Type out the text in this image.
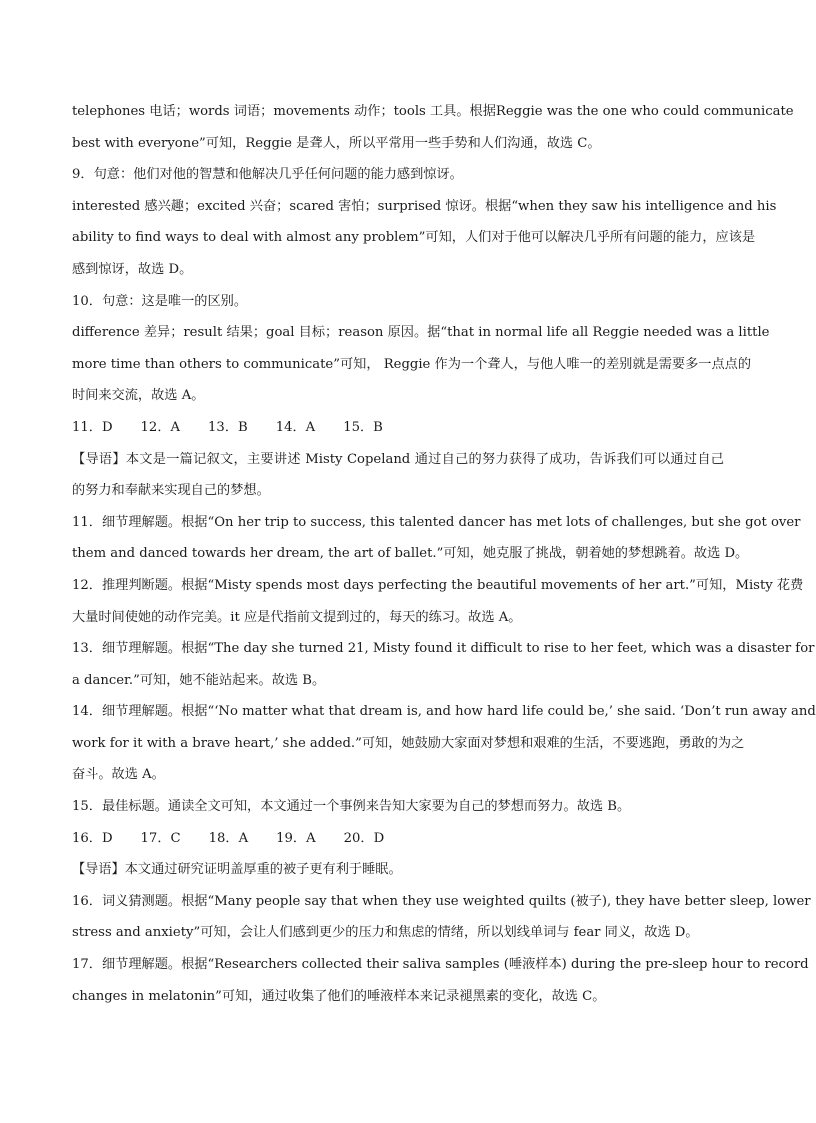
telephones 电话；words 词语；movements 动作；tools 工具。根据Reggie was the one who could communicate
best with everyone”可知，Reggie 是聋人，所以平常用一些手势和人们沟通，故选 C。
9．句意：他们对他的智慧和他解决几乎任何问题的能力感到惊讶。
interested 感兴趣；excited 兴奋；scared 害怕；surprised 惊讶。根据“when they saw his intelligence and his
ability to find ways to deal with almost any problem”可知，人们对于他可以解决几乎所有问题的能力，应该是
感到惊讶，故选 D。
10．句意：这是唯一的区别。
difference 差异；result 结果；goal 目标；reason 原因。据“that in normal life all Reggie needed was a little
more time than others to communicate”可知， Reggie 作为一个聋人，与他人唯一的差别就是需要多一点点的
时间来交流，故选 A。
11．D 12．A 13．B 14．A 15．B
【导语】本文是一篇记叙文，主要讲述 Misty Copeland 通过自己的努力获得了成功，告诉我们可以通过自己
的努力和奉献来实现自己的梦想。
11．细节理解题。根据“On her trip to success, this talented dancer has met lots of challenges, but she got over
them and danced towards her dream, the art of ballet.”可知，她克服了挑战，朝着她的梦想跳着。故选 D。
12．推理判断题。根据“Misty spends most days perfecting the beautiful movements of her art.”可知，Misty 花费
大量时间使她的动作完美。it 应是代指前文提到过的，每天的练习。故选 A。
13．细节理解题。根据“The day she turned 21, Misty found it difficult to rise to her feet, which was a disaster for
a dancer.”可知，她不能站起来。故选 B。
14．细节理解题。根据“‘No matter what that dream is, and how hard life could be,’ she said. ‘Don’t run away and
work for it with a brave heart,’ she added.”可知，她鼓励大家面对梦想和艰难的生活，不要逃跑，勇敢的为之
奋斗。故选 A。
15．最佳标题。通读全文可知，本文通过一个事例来告知大家要为自己的梦想而努力。故选 B。
16．D 17．C 18．A 19．A 20．D
【导语】本文通过研究证明盖厚重的被子更有利于睡眠。
16．词义猜测题。根据“Many people say that when they use weighted quilts (被子), they have better sleep, lower
stress and anxiety”可知，会让人们感到更少的压力和焦虑的情绪，所以划线单词与 fear 同义，故选 D。
17．细节理解题。根据“Researchers collected their saliva samples (唾液样本) during the pre-sleep hour to record
changes in melatonin”可知，通过收集了他们的唾液样本来记录褪黑素的变化，故选 C。
